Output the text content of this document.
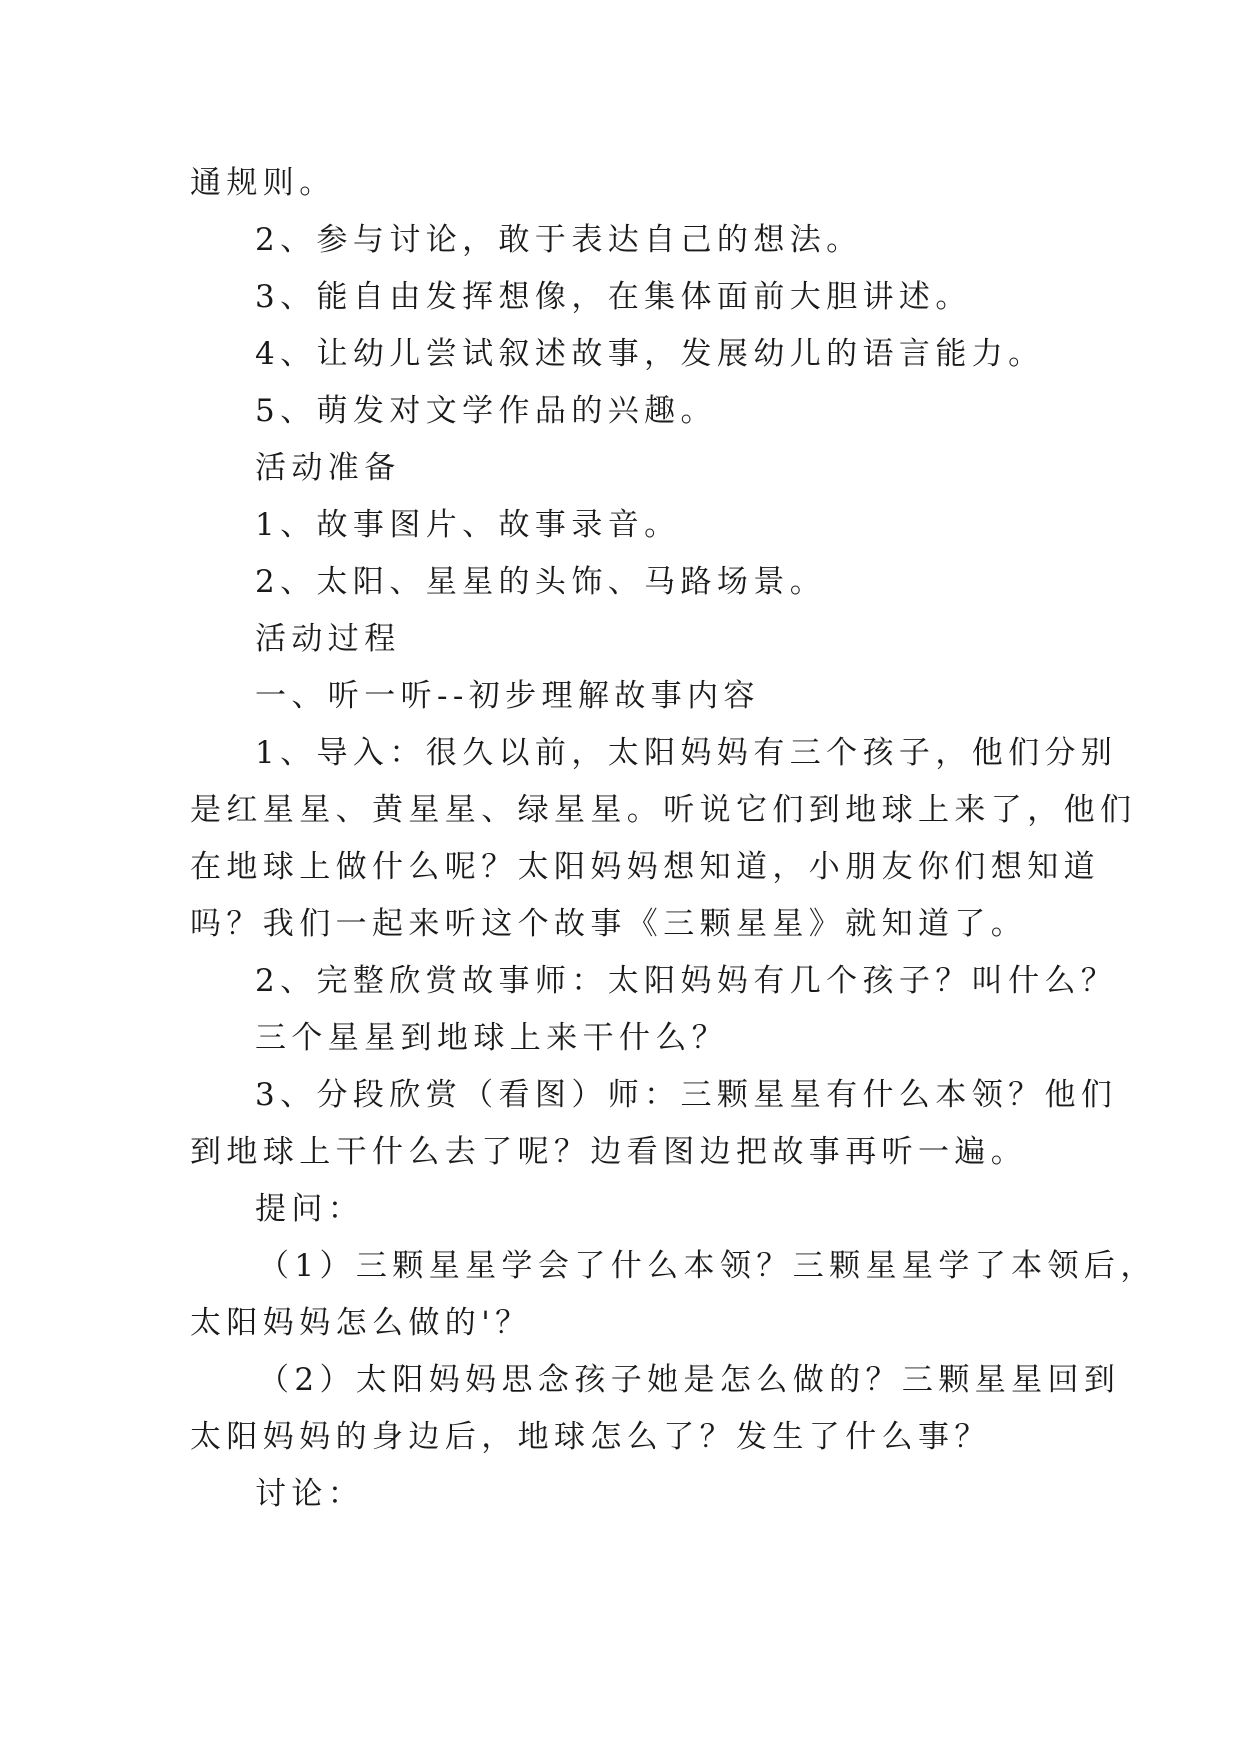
通规则。
2、参与讨论，敢于表达自己的想法。
3、能自由发挥想像，在集体面前大胆讲述。
4、让幼儿尝试叙述故事，发展幼儿的语言能力。
5、萌发对文学作品的兴趣。
活动准备
1、故事图片、故事录音。
2、太阳、星星的头饰、马路场景。
活动过程
一、听一听--初步理解故事内容
1、导入：很久以前，太阳妈妈有三个孩子，他们分别
是红星星、黄星星、绿星星。听说它们到地球上来了，他们
在地球上做什么呢？太阳妈妈想知道，小朋友你们想知道
吗？我们一起来听这个故事《三颗星星》就知道了。
2、完整欣赏故事师：太阳妈妈有几个孩子？叫什么？
三个星星到地球上来干什么？
3、分段欣赏（看图）师：三颗星星有什么本领？他们
到地球上干什么去了呢？边看图边把故事再听一遍。
提问：
（1）三颗星星学会了什么本领？三颗星星学了本领后，
太阳妈妈怎么做的'？
（2）太阳妈妈思念孩子她是怎么做的？三颗星星回到
太阳妈妈的身边后，地球怎么了？发生了什么事？
讨论：
